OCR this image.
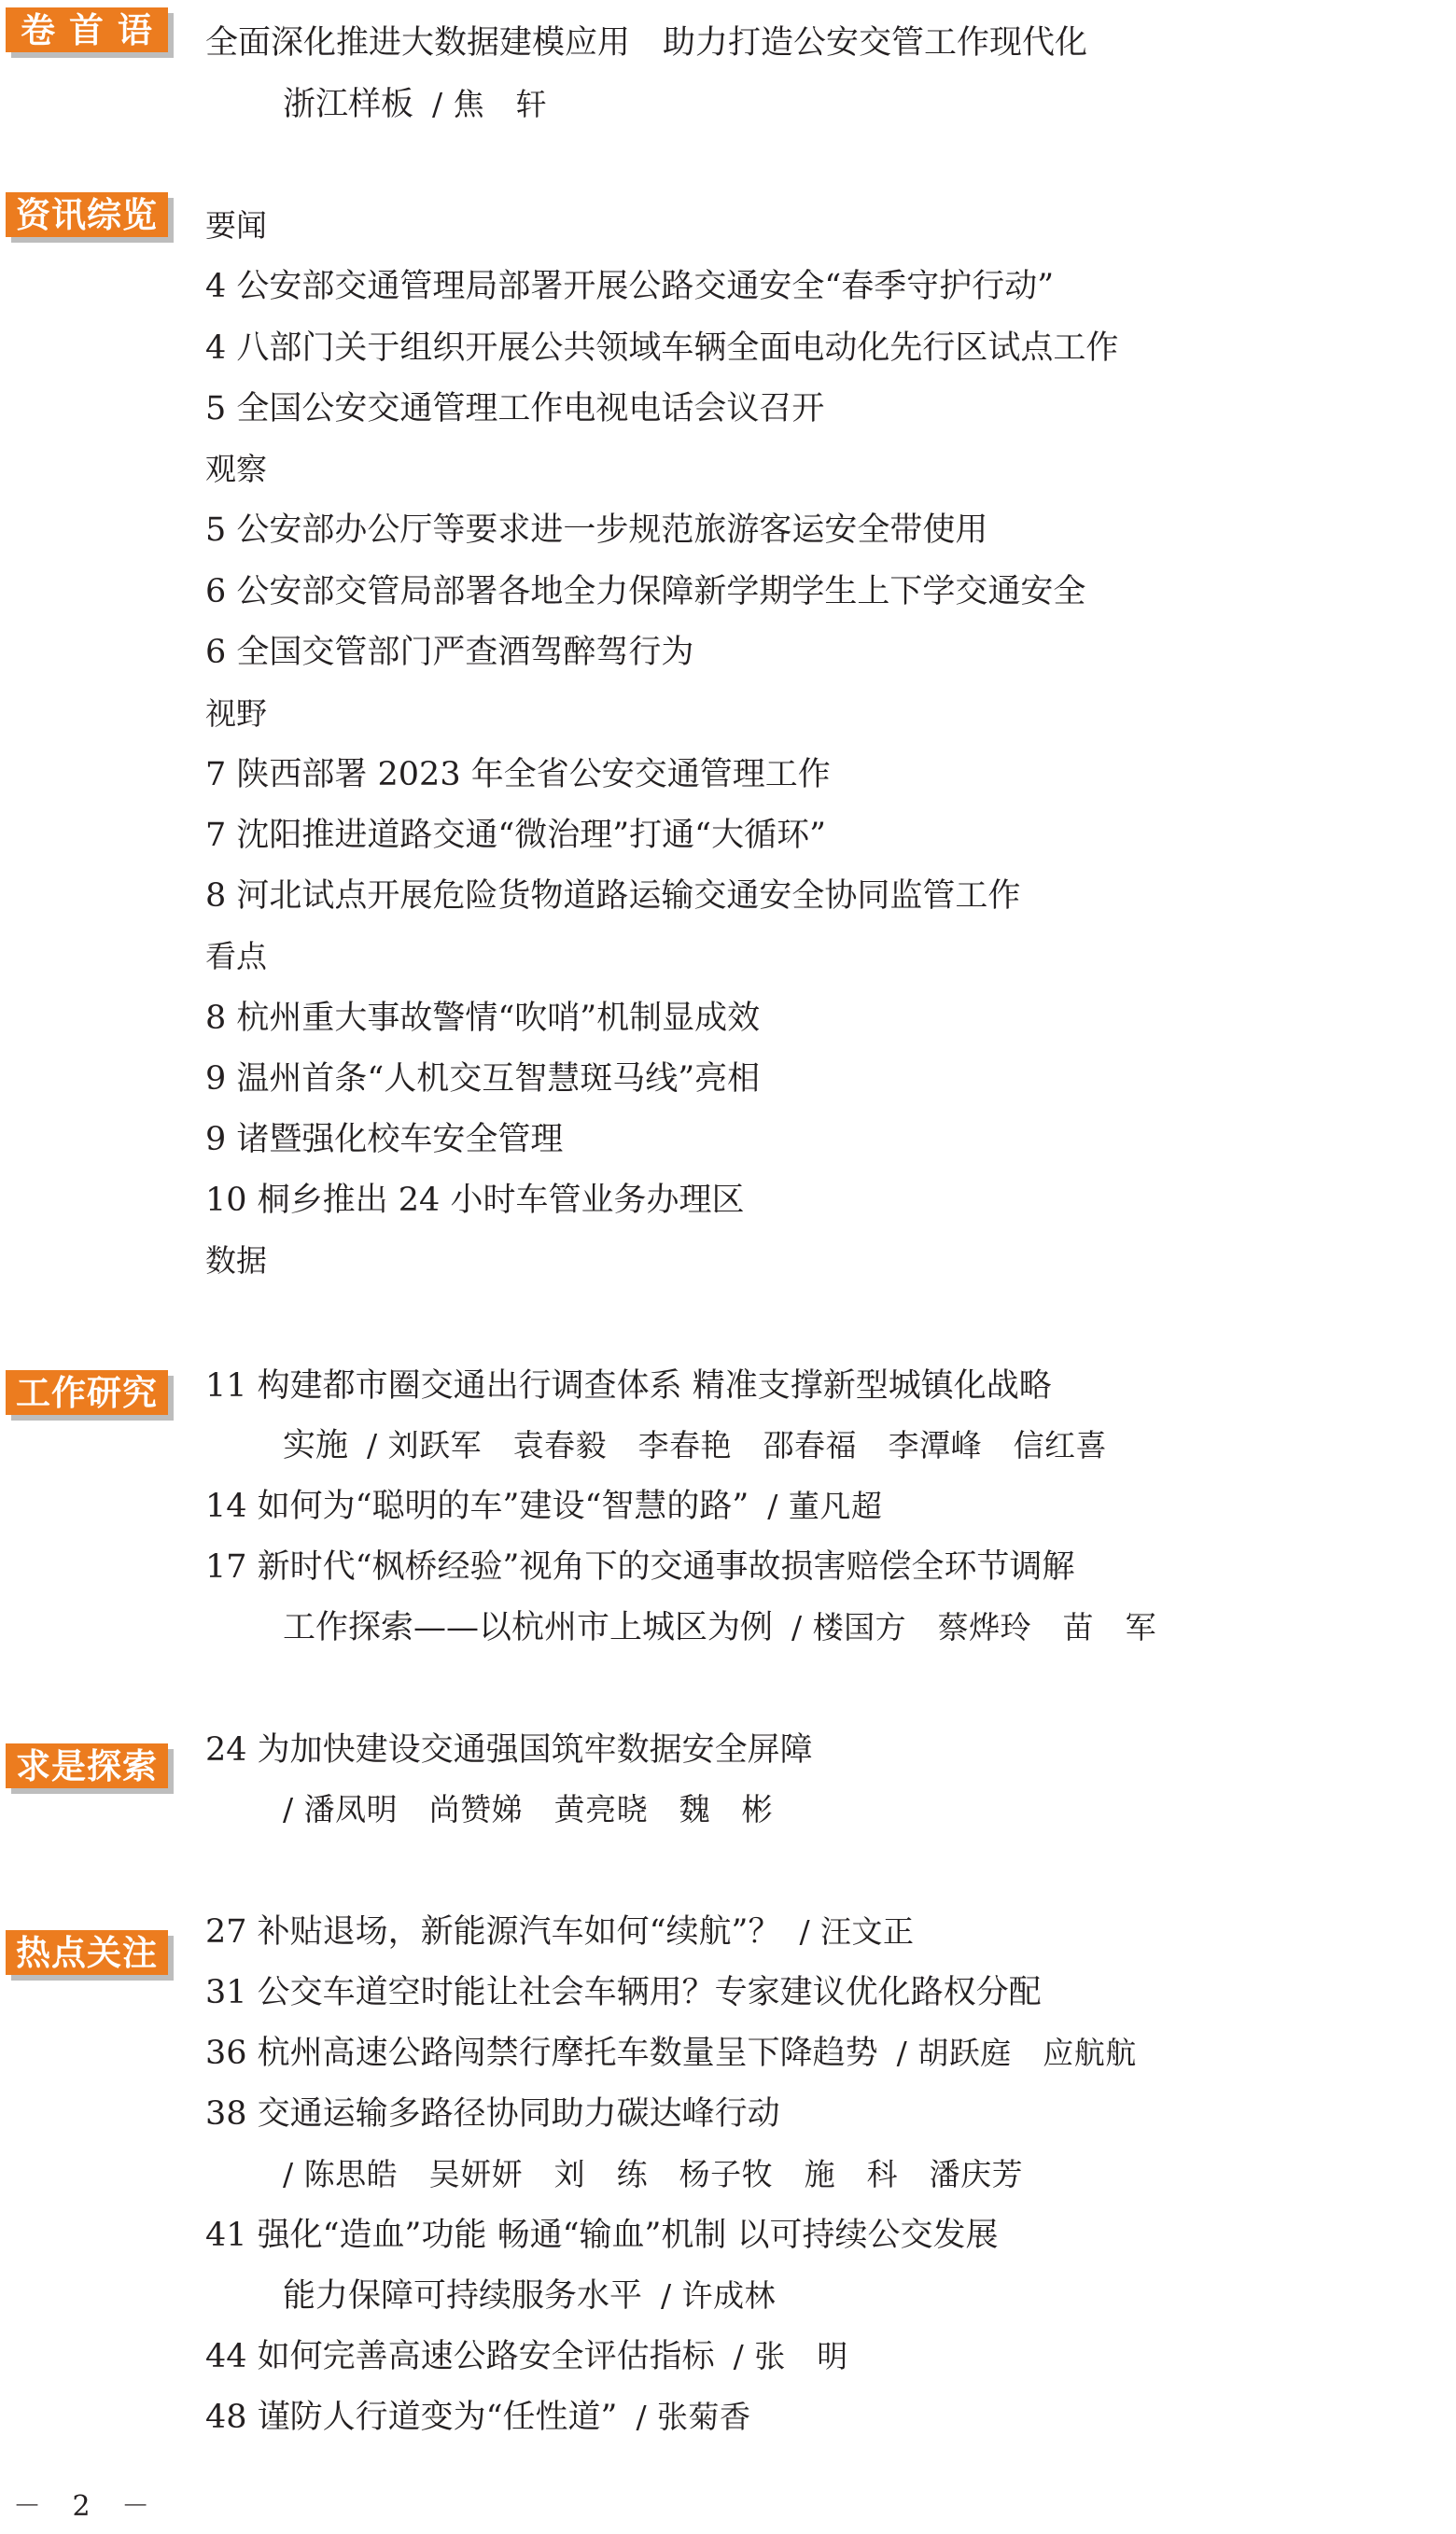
卷 首 语	全面深化推进大数据建模应用　助力打造公安交管工作现代化
浙江样板 / 焦　轩
资讯综览	要闻
4 公安部交通管理局部署开展公路交通安全“春季守护行动”
4 八部门关于组织开展公共领域车辆全面电动化先行区试点工作
5 全国公安交通管理工作电视电话会议召开
观察
5 公安部办公厅等要求进一步规范旅游客运安全带使用
6 公安部交管局部署各地全力保障新学期学生上下学交通安全
6 全国交管部门严查酒驾醉驾行为
视野
7 陕西部署 2023 年全省公安交通管理工作
7 沈阳推进道路交通“微治理”打通“大循环”
8 河北试点开展危险货物道路运输交通安全协同监管工作
看点
8 杭州重大事故警情“吹哨”机制显成效
9 温州首条“人机交互智慧斑马线”亮相
9 诸暨强化校车安全管理
10 桐乡推出 24 小时车管业务办理区
数据
工作研究	11 构建都市圈交通出行调查体系 精准支撑新型城镇化战略
实施 / 刘跃军　袁春毅　李春艳　邵春福　李潭峰　信红喜
14 如何为“聪明的车”建设“智慧的路” / 董凡超
17 新时代“枫桥经验”视角下的交通事故损害赔偿全环节调解
工作探索——以杭州市上城区为例 / 楼国方　蔡烨玲　苗　军
求是探索	24 为加快建设交通强国筑牢数据安全屏障
/ 潘凤明　尚赞娣　黄亮晓　魏　彬
热点关注	27 补贴退场，新能源汽车如何“续航”？ / 汪文正
31 公交车道空时能让社会车辆用？专家建议优化路权分配
36 杭州高速公路闯禁行摩托车数量呈下降趋势 / 胡跃庭　应航航
38 交通运输多路径协同助力碳达峰行动
/ 陈思皓　吴妍妍　刘　练　杨子牧　施　科　潘庆芳
41 强化“造血”功能 畅通“输血”机制 以可持续公交发展
能力保障可持续服务水平 / 许成林
44 如何完善高速公路安全评估指标 / 张　明
48 谨防人行道变为“任性道” / 张菊香
－ 2 －
